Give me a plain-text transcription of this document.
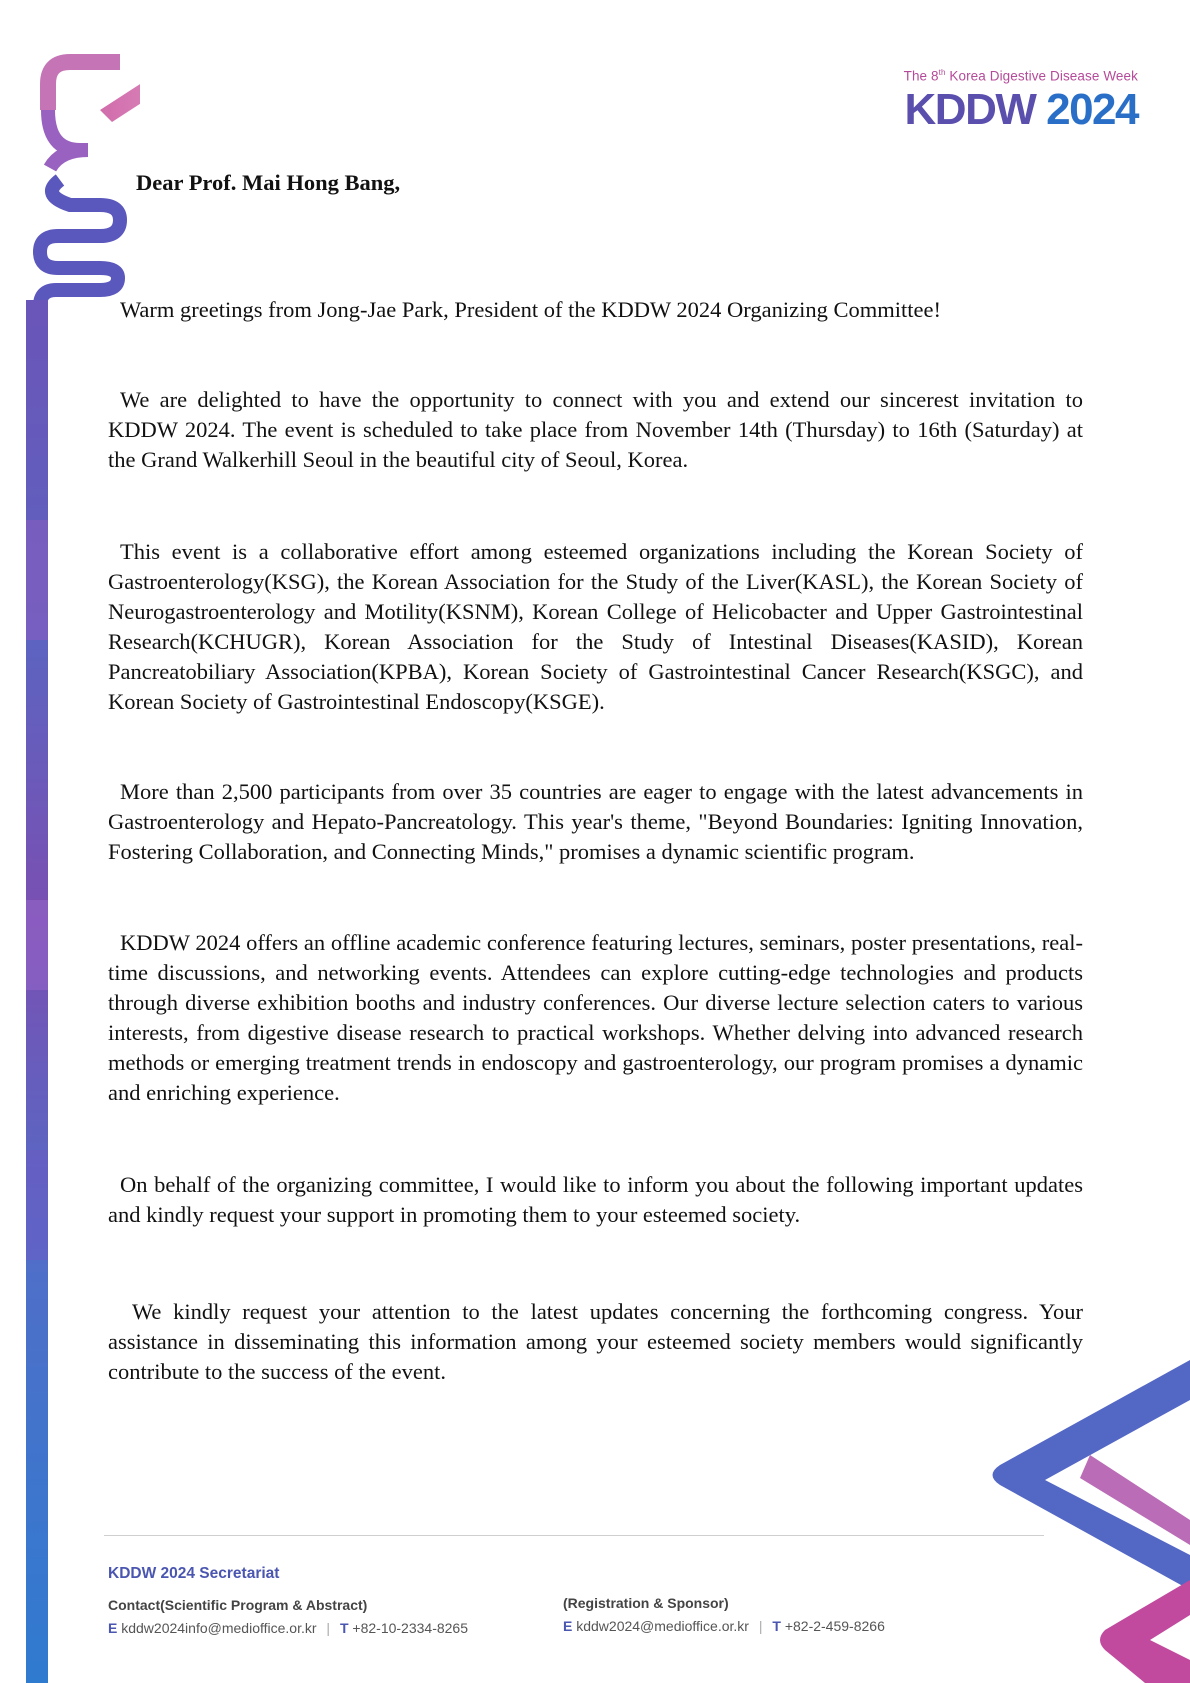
The 8th Korea Digestive Disease Week
KDDW 2024
Dear Prof. Mai Hong Bang,
Warm greetings from Jong-Jae Park, President of the KDDW 2024 Organizing Committee!
We are delighted to have the opportunity to connect with you and extend our sincerest invitation to KDDW 2024. The event is scheduled to take place from November 14th (Thursday) to 16th (Saturday) at the Grand Walkerhill Seoul in the beautiful city of Seoul, Korea.
This event is a collaborative effort among esteemed organizations including the Korean Society of Gastroenterology(KSG), the Korean Association for the Study of the Liver(KASL), the Korean Society of Neurogastroenterology and Motility(KSNM), Korean College of Helicobacter and Upper Gastrointestinal Research(KCHUGR), Korean Association for the Study of Intestinal Diseases(KASID), Korean Pancreatobiliary Association(KPBA), Korean Society of Gastrointestinal Cancer Research(KSGC), and Korean Society of Gastrointestinal Endoscopy(KSGE).
More than 2,500 participants from over 35 countries are eager to engage with the latest advancements in Gastroenterology and Hepato-Pancreatology. This year's theme, "Beyond Boundaries: Igniting Innovation, Fostering Collaboration, and Connecting Minds," promises a dynamic scientific program.
KDDW 2024 offers an offline academic conference featuring lectures, seminars, poster presentations, real-time discussions, and networking events. Attendees can explore cutting-edge technologies and products through diverse exhibition booths and industry conferences. Our diverse lecture selection caters to various interests, from digestive disease research to practical workshops. Whether delving into advanced research methods or emerging treatment trends in endoscopy and gastroenterology, our program promises a dynamic and enriching experience.
On behalf of the organizing committee, I would like to inform you about the following important updates and kindly request your support in promoting them to your esteemed society.
We kindly request your attention to the latest updates concerning the forthcoming congress. Your assistance in disseminating this information among your esteemed society members would significantly contribute to the success of the event.
KDDW 2024 Secretariat
Contact(Scientific Program & Abstract)
E kddw2024info@medioffice.or.kr | T +82-10-2334-8265
(Registration & Sponsor)
E kddw2024@medioffice.or.kr | T +82-2-459-8266
